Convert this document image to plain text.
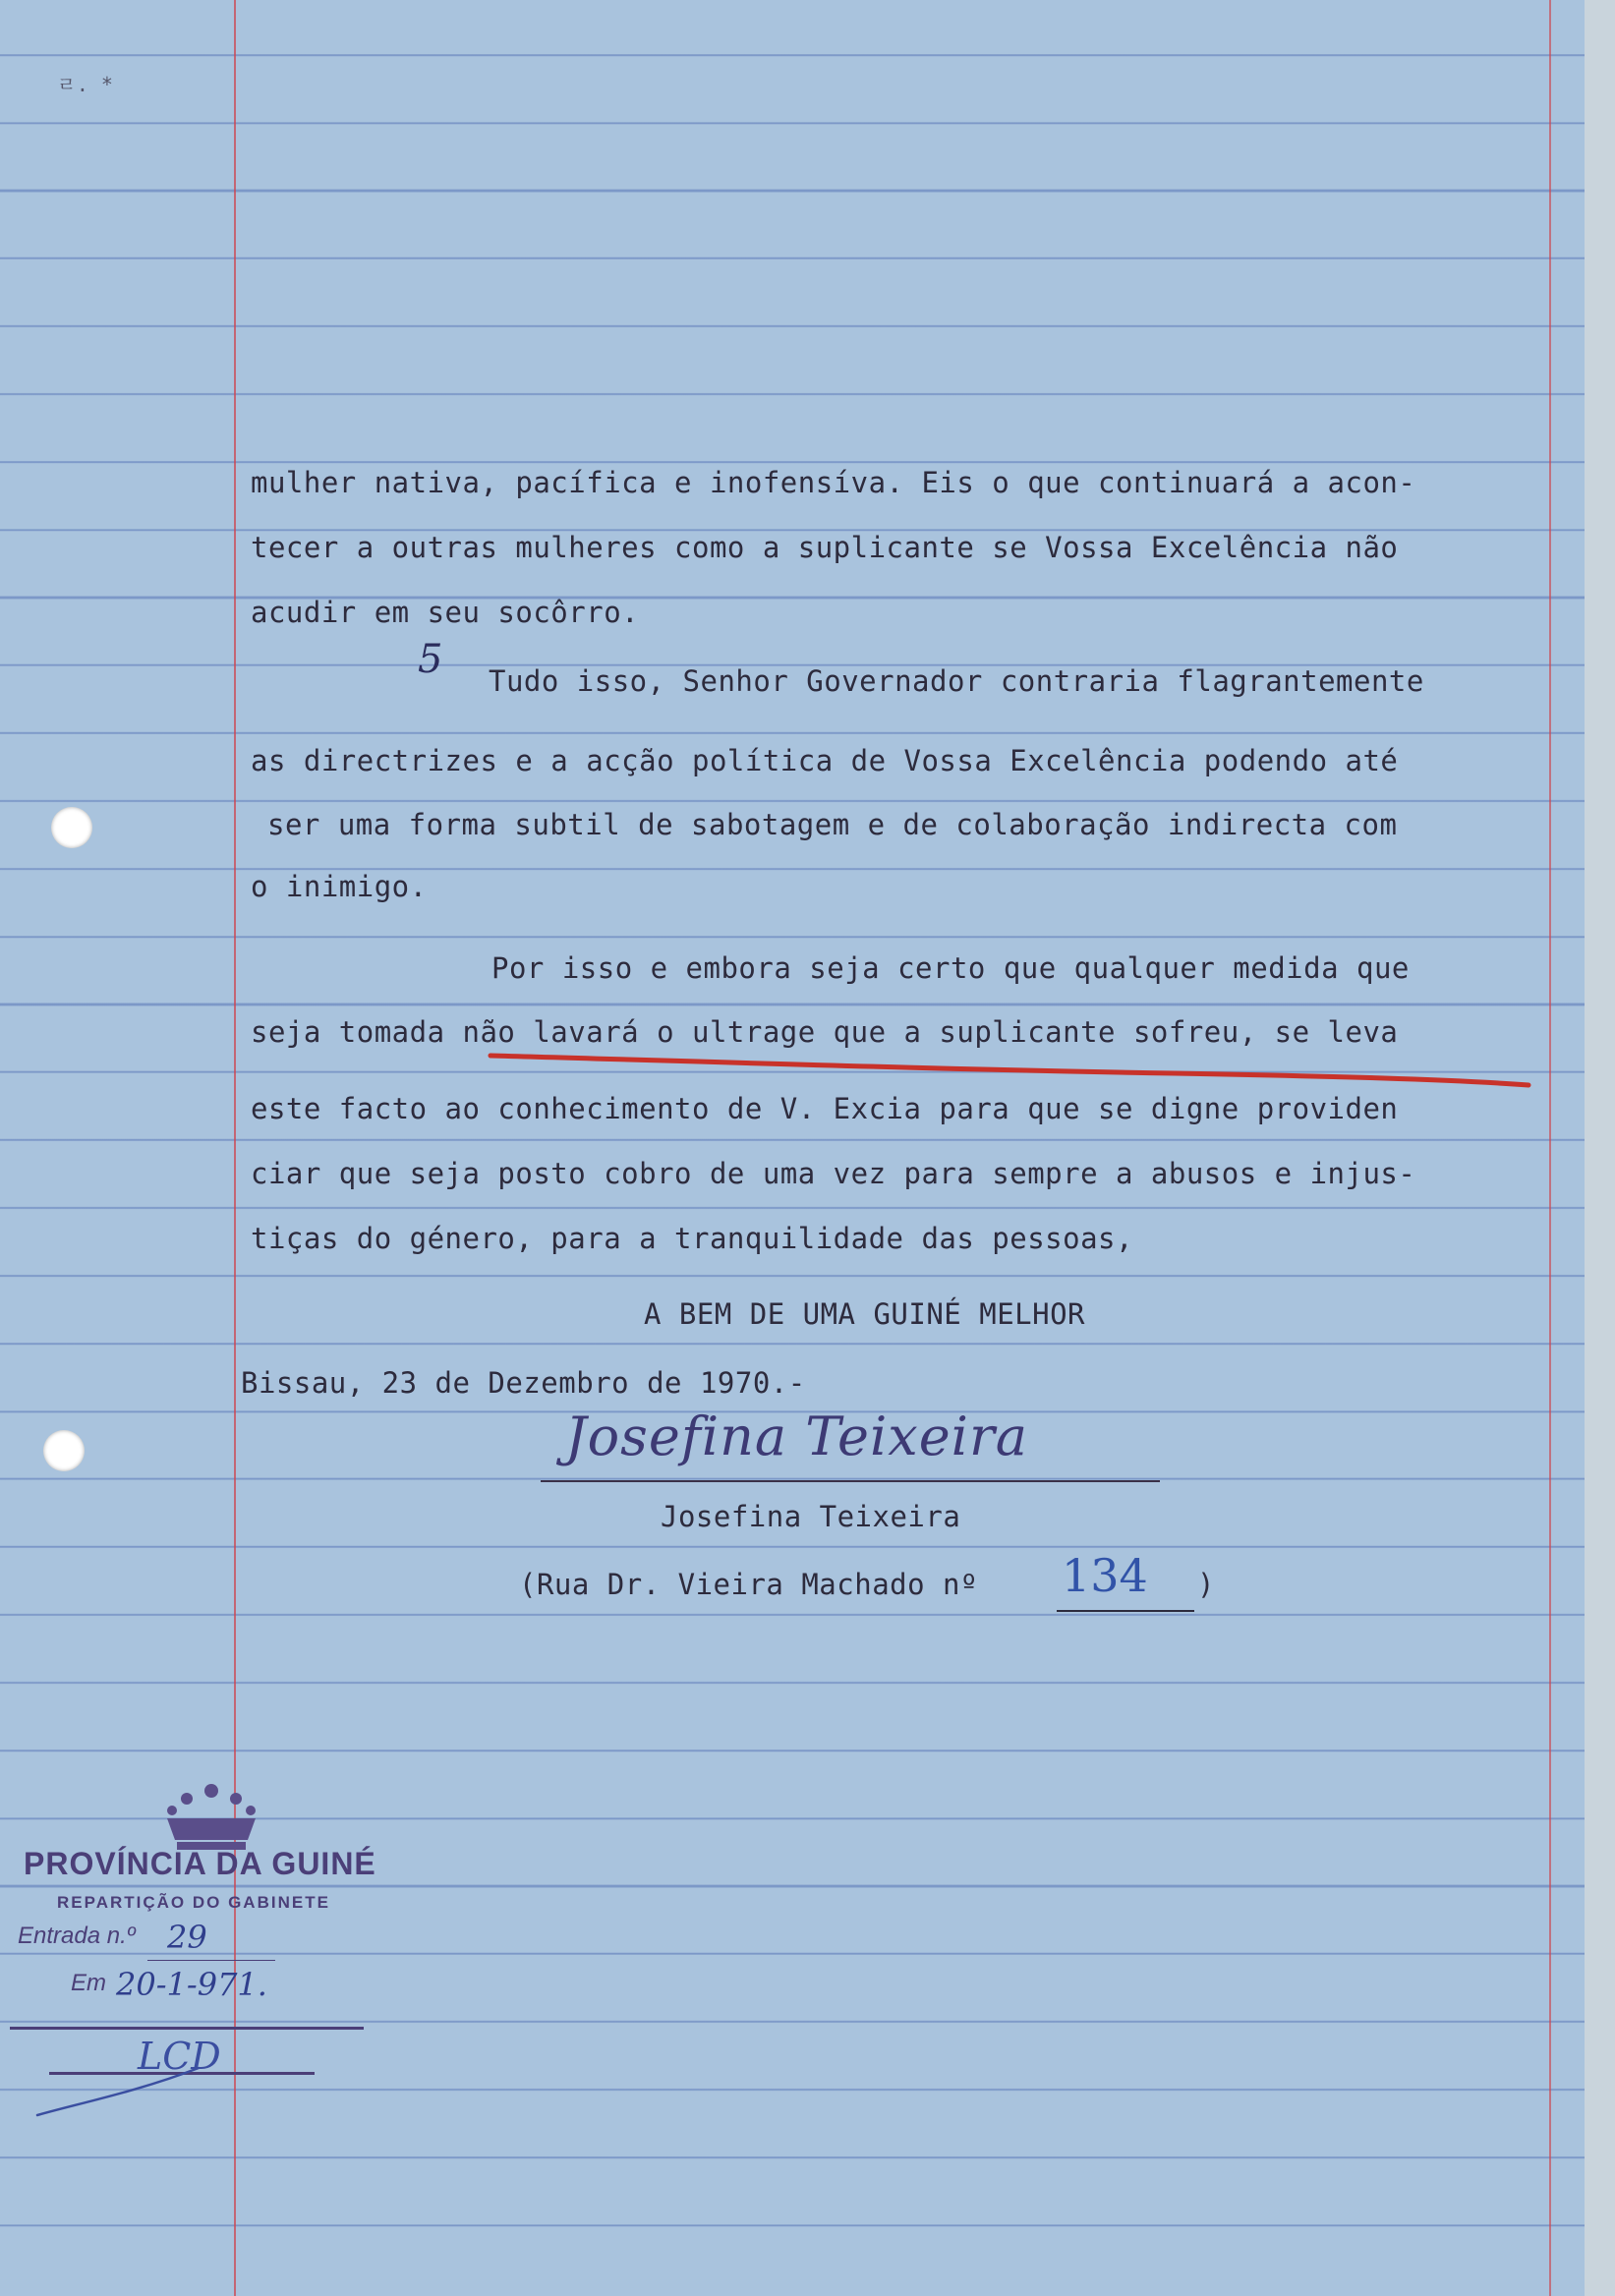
ㄹ. *
mulher nativa, pacífica e inofensíva. Eis o que continuará a acon-
tecer a outras mulheres como a suplicante se Vossa Excelência não
acudir em seu socôrro.
5 Tudo isso, Senhor Governador contraria flagrantemente
as directrizes e a acção política de Vossa Excelência podendo até
ser uma forma subtil de sabotagem e de colaboração indirecta com
o inimigo.
Por isso e embora seja certo que qualquer medida que
seja tomada não lavará o ultrage que a suplicante sofreu, se leva
este facto ao conhecimento de V. Excia para que se digne providen
ciar que seja posto cobro de uma vez para sempre a abusos e injus-
tiças do género, para a tranquilidade das pessoas,
A BEM DE UMA GUINÉ MELHOR
Bissau, 23 de Dezembro de 1970.-
Josefina Teixeira
Josefina Teixeira
(Rua Dr. Vieira Machado nº 134 )
PROVÍNCIA DA GUINÉ
REPARTIÇÃO DO GABINETE
Entrada n.º 29
Em 20-1-971.
LCD
